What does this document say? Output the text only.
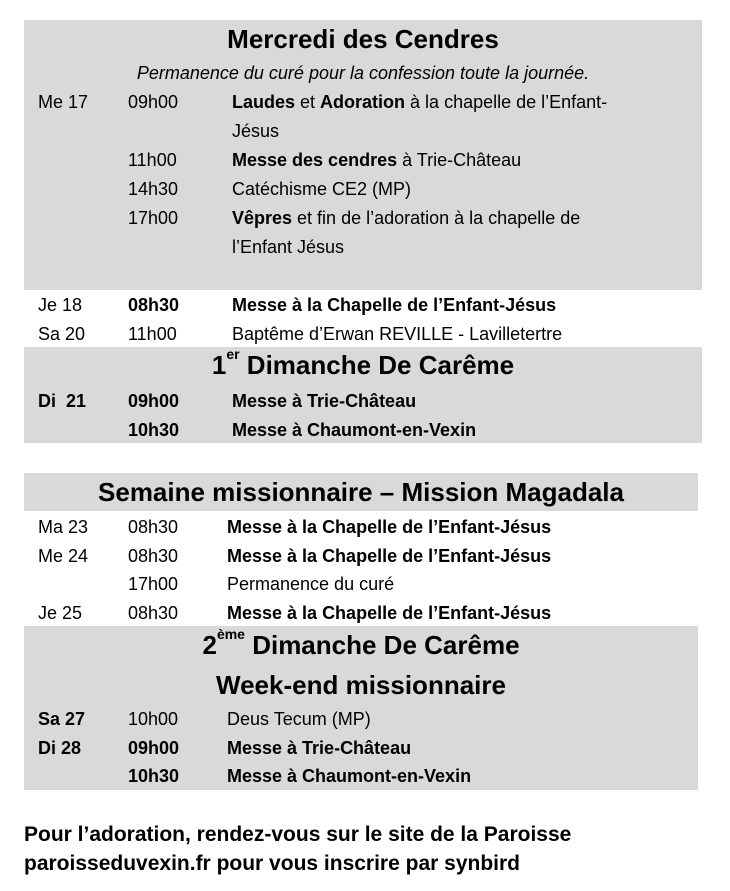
Mercredi des Cendres
Permanence du curé pour la confession toute la journée.
Me 17 09h00	Laudes et Adoration à la chapelle de l’Enfant-
Jésus
11h00	Messe des cendres à Trie-Château
14h30	Catéchisme CE2 (MP)
17h00	Vêpres et fin de l’adoration à la chapelle de
l’Enfant Jésus
Je 18	08h30	Messe à la Chapelle de l’Enfant-Jésus
Sa 20 11h00	Baptême d’Erwan REVILLE - Lavilletertre
1er Dimanche De Carême
Di  21 09h00	Messe à Trie-Château
10h30	Messe à Chaumont-en-Vexin
Semaine missionnaire – Mission Magadala
Ma 23 08h30	Messe à la Chapelle de l’Enfant-Jésus
Me 24 08h30	Messe à la Chapelle de l’Enfant-Jésus
17h00	Permanence du curé
Je 25	08h30	Messe à la Chapelle de l’Enfant-Jésus
2ème Dimanche De Carême
Week-end missionnaire
Sa 27 10h00	Deus Tecum (MP)
Di 28	09h00	Messe à Trie-Château
10h30	Messe à Chaumont-en-Vexin
Pour l’adoration, rendez-vous sur le site de la Paroisse
paroisseduvexin.fr pour vous inscrire par synbird
